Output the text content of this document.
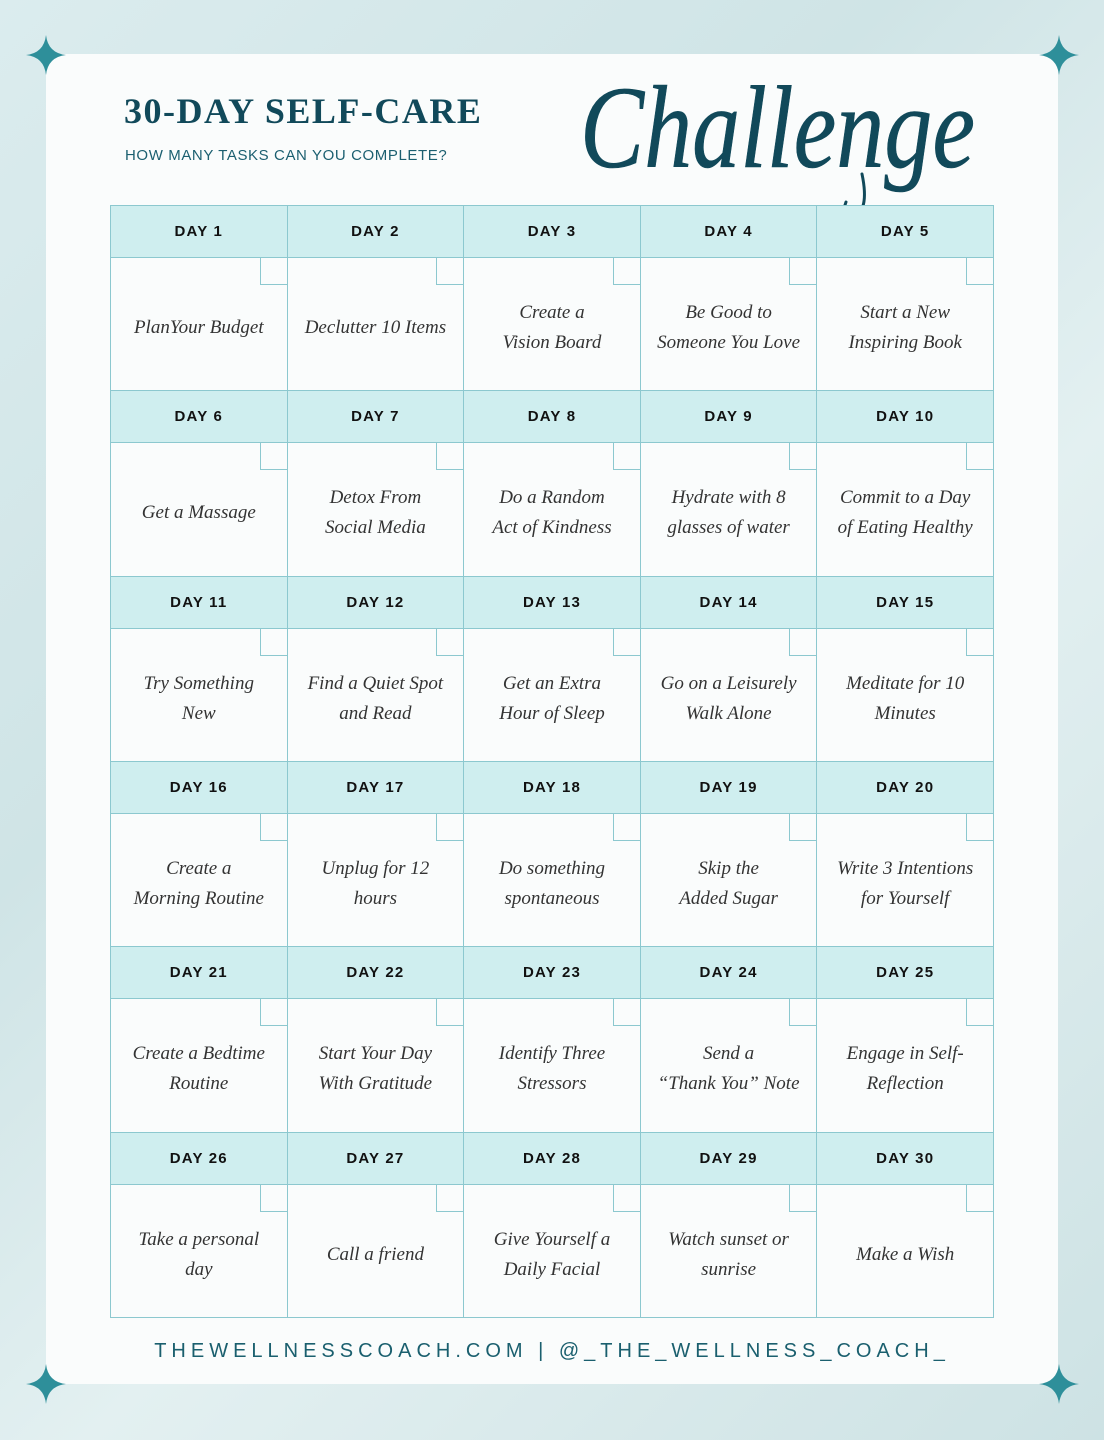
30-DAY SELF-CARE

HOW MANY TASKS CAN YOU COMPLETE? Challenge
DAY 1
PlanYour Budget
DAY 2
Declutter 10 Items
DAY 3
Create a
Vision Board
DAY 4
Be Good to
Someone You Love
DAY 5
Start a New
Inspiring Book
DAY 6
Get a Massage
DAY 7
Detox From
Social Media
DAY 8
Do a Random
Act of Kindness
DAY 9
Hydrate with 8
glasses of water
DAY 10
Commit to a Day
of Eating Healthy
DAY 11
Try Something New
DAY 12
Find a Quiet Spot
and Read
DAY 13
Get an Extra
Hour of Sleep
DAY 14
Go on a Leisurely
Walk Alone
DAY 15
Meditate for 10
Minutes
DAY 16
Create a
Morning Routine
DAY 17
Unplug for 12 hours
DAY 18
Do something
spontaneous
DAY 19
Skip the
Added Sugar
DAY 20
Write 3 Intentions
for Yourself
DAY 21
Create a Bedtime
Routine
DAY 22
Start Your Day
With Gratitude
DAY 23
Identify Three
Stressors
DAY 24
Send a
“Thank You” Note
DAY 25
Engage in Self-
Reflection
DAY 26
Take a personal day
DAY 27
Call a friend
DAY 28
Give Yourself a
Daily Facial
DAY 29
Watch sunset or
sunrise
DAY 30
Make a Wish
THEWELLNESSCOACH.COM | @_THE_WELLNESS_COACH_
